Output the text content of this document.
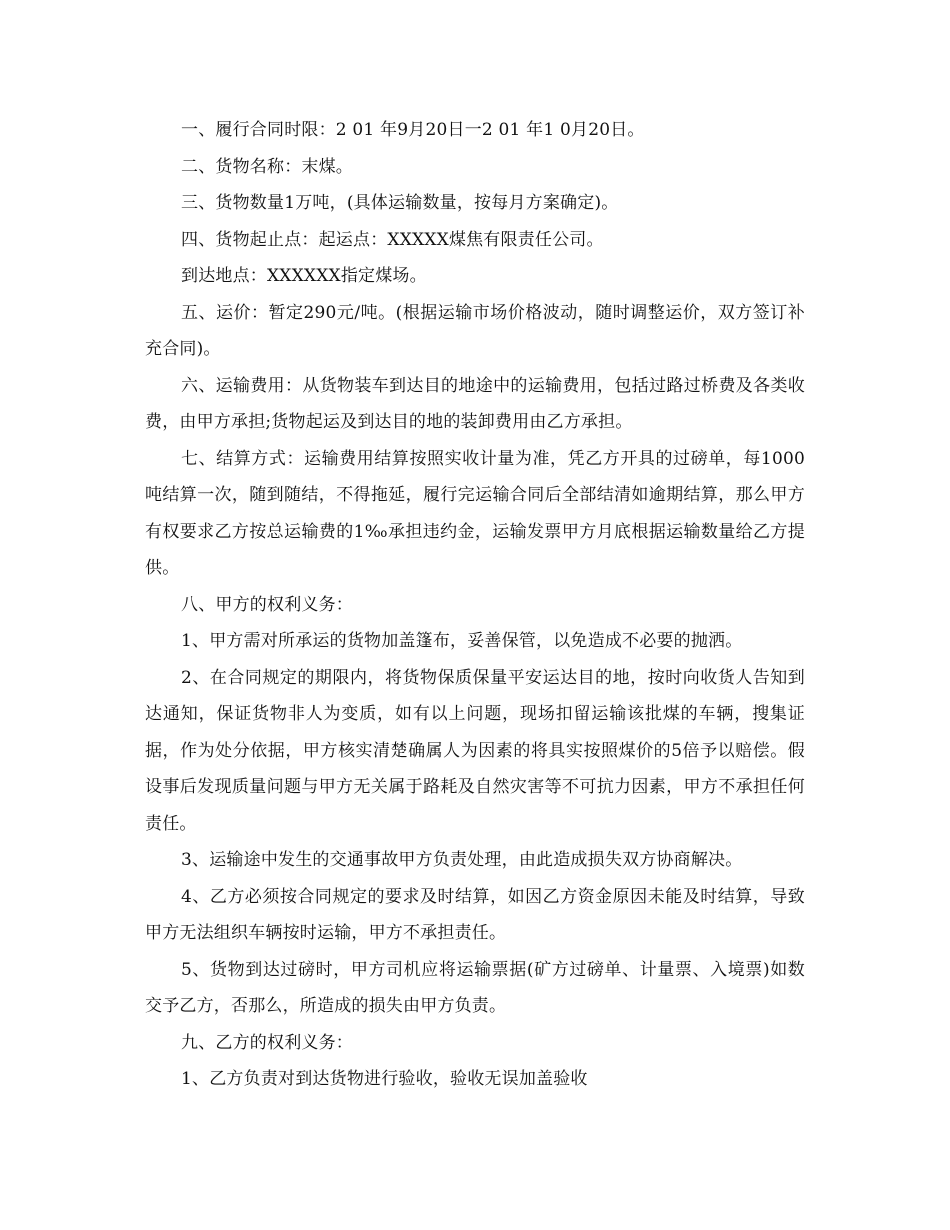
一、履行合同时限：2 01 年9月20日一2 01 年1 0月20日。

二、货物名称：末煤。

三、货物数量1万吨，(具体运输数量，按每月方案确定)。

四、货物起止点：起运点：XXXXX煤焦有限责任公司。

到达地点：XXXXXX指定煤场。

五、运价：暂定290元/吨。(根据运输市场价格波动，随时调整运价，双方签订补充合同)。

六、运输费用：从货物装车到达目的地途中的运输费用，包括过路过桥费及各类收费，由甲方承担;货物起运及到达目的地的装卸费用由乙方承担。

七、结算方式：运输费用结算按照实收计量为准，凭乙方开具的过磅单，每1000吨结算一次，随到随结，不得拖延，履行完运输合同后全部结清如逾期结算，那么甲方有权要求乙方按总运输费的1‰承担违约金，运输发票甲方月底根据运输数量给乙方提供。

八、甲方的权利义务：

1、甲方需对所承运的货物加盖篷布，妥善保管，以免造成不必要的抛洒。

2、在合同规定的期限内，将货物保质保量平安运达目的地，按时向收货人告知到达通知，保证货物非人为变质，如有以上问题，现场扣留运输该批煤的车辆，搜集证据，作为处分依据，甲方核实清楚确属人为因素的将具实按照煤价的5倍予以赔偿。假设事后发现质量问题与甲方无关属于路耗及自然灾害等不可抗力因素，甲方不承担任何责任。

3、运输途中发生的交通事故甲方负责处理，由此造成损失双方协商解决。

4、乙方必须按合同规定的要求及时结算，如因乙方资金原因未能及时结算，导致甲方无法组织车辆按时运输，甲方不承担责任。

5、货物到达过磅时，甲方司机应将运输票据(矿方过磅单、计量票、入境票)如数交予乙方，否那么，所造成的损失由甲方负责。

九、乙方的权利义务：

1、乙方负责对到达货物进行验收，验收无误加盖验收
